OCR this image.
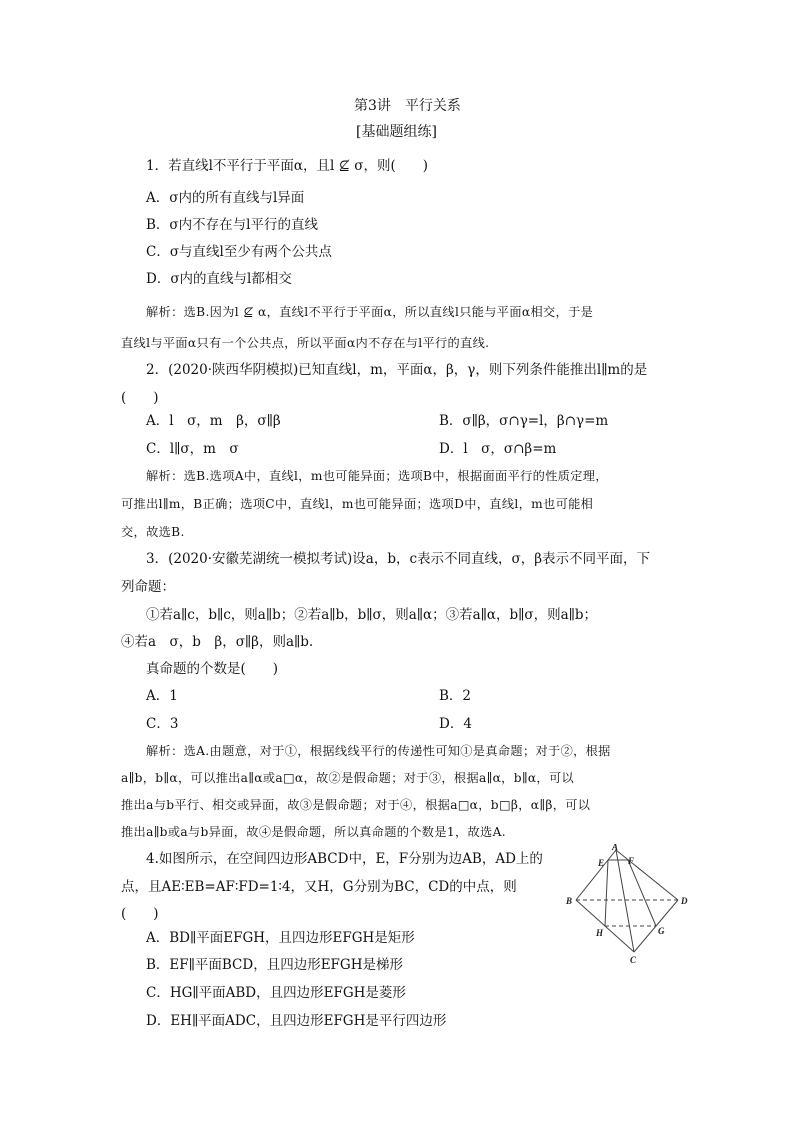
第3讲　平行关系
[基础题组练]
1．若直线l不平行于平面α，且l ⊈ σ，则(　　)
A．σ内的所有直线与l异面
B．σ内不存在与l平行的直线
C．σ与直线l至少有两个公共点
D．σ内的直线与l都相交
解析：选B.因为l ⊈ α，直线l不平行于平面α，所以直线l只能与平面α相交，于是
直线l与平面α只有一个公共点，所以平面α内不存在与l平行的直线.
2．(2020·陕西华阴模拟)已知直线l，m，平面α，β，γ，则下列条件能推出l∥m的是
(　　)
A．l　σ，m　β，σ∥β	B．σ∥β，σ∩γ=l，β∩γ=m
C．l∥σ，m　σ	D．l　σ，σ∩β=m
解析：选B.选项A中，直线l，m也可能异面；选项B中，根据面面平行的性质定理，
可推出l∥m，B正确；选项C中，直线l，m也可能异面；选项D中，直线l，m也可能相
交，故选B.
3．(2020·安徽芜湖统一模拟考试)设a，b，c表示不同直线，σ，β表示不同平面，下
列命题：
①若a∥c，b∥c，则a∥b；②若a∥b，b∥σ，则a∥α；③若a∥α，b∥σ，则a∥b；
④若a　σ，b　β，σ∥β，则a∥b.
真命题的个数是(　　)
A．1	B．2
C．3	D．4
解析：选A.由题意，对于①，根据线线平行的传递性可知①是真命题；对于②，根据
a∥b，b∥α，可以推出a∥α或a□α，故②是假命题；对于③，根据a∥α，b∥α，可以
推出a与b平行、相交或异面，故③是假命题；对于④，根据a□α，b□β，α∥β，可以
推出a∥b或a与b异面，故④是假命题，所以真命题的个数是1，故选A.
4.如图所示，在空间四边形ABCD中，E，F分别为边AB，AD上的
点，且AE∶EB=AF∶FD=1∶4，又H，G分别为BC，CD的中点，则
(　　)
A．BD∥平面EFGH，且四边形EFGH是矩形
B．EF∥平面BCD，且四边形EFGH是梯形
C．HG∥平面ABD，且四边形EFGH是菱形
D．EH∥平面ADC，且四边形EFGH是平行四边形
A
E	F
B	D
H	G
C
